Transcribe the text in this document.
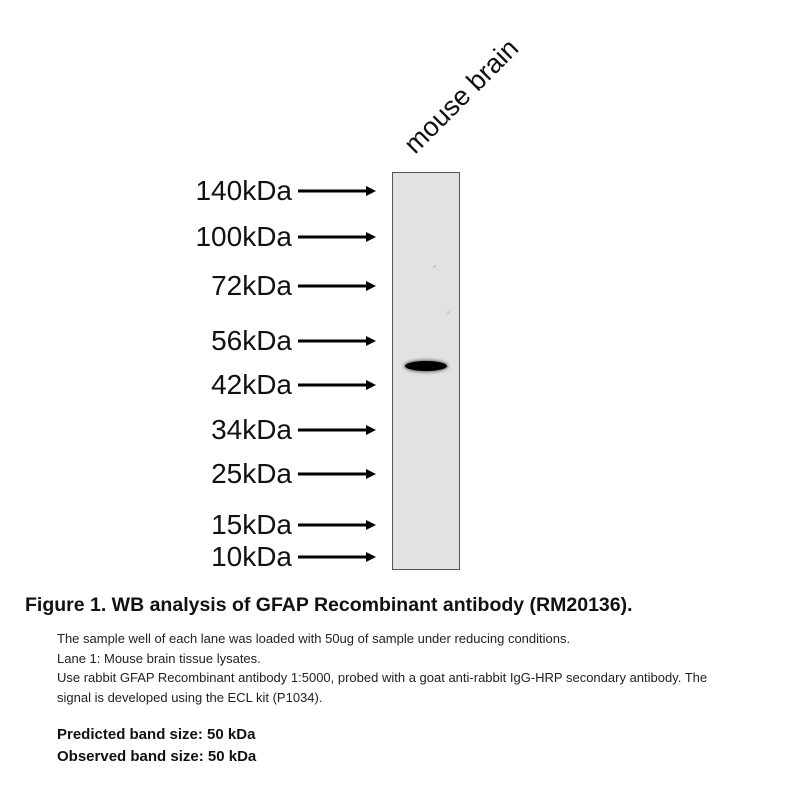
mouse brain
140kDa
100kDa
72kDa
56kDa
42kDa
34kDa
25kDa
15kDa
10kDa
Figure 1. WB analysis of GFAP Recombinant antibody (RM20136).
The sample well of each lane was loaded with 50ug of sample under reducing conditions.
Lane 1: Mouse brain tissue lysates.
Use rabbit GFAP Recombinant antibody 1:5000, probed with a goat anti-rabbit IgG-HRP secondary antibody. The signal is developed using the ECL kit (P1034).
Predicted band size: 50 kDa
Observed band size: 50 kDa
